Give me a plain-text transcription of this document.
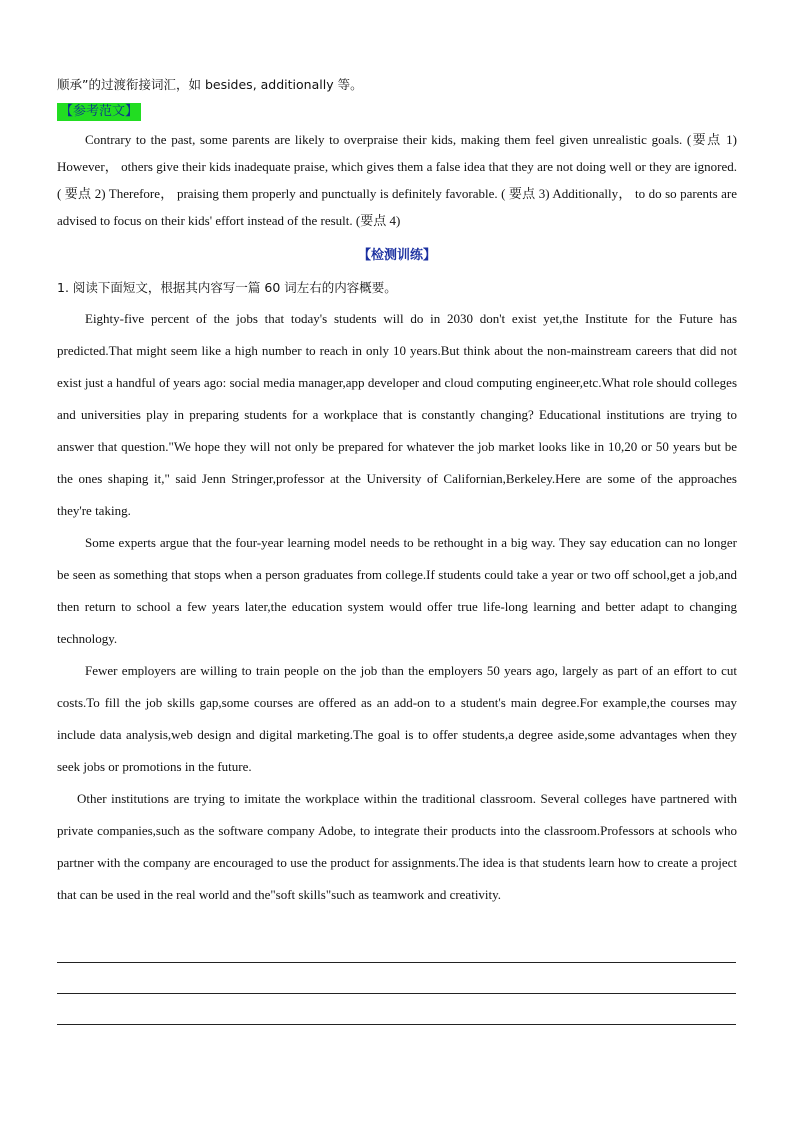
顺承”的过渡衔接词汇，如 besides, additionally 等。

【参考范文】

Contrary to the past, some parents are likely to overpraise their kids, making them feel given unrealistic goals. (要点 1) However， others give their kids inadequate praise, which gives them a false idea that they are not doing well or they are ignored. ( 要点 2) Therefore， praising them properly and punctually is definitely favorable. ( 要点 3) Additionally， to do so parents are advised to focus on their kids' effort instead of the result. (要点 4)

【检测训练】

1. 阅读下面短文，根据其内容写一篇 60 词左右的内容概要。

Eighty-five percent of the jobs that today's students will do in 2030 don't exist yet,the Institute for the Future has predicted.That might seem like a high number to reach in only 10 years.But think about the non-mainstream careers that did not exist just a handful of years ago: social media manager,app developer and cloud computing engineer,etc.What role should colleges and universities play in preparing students for a workplace that is constantly changing? Educational institutions are trying to answer that question."We hope they will not only be prepared for whatever the job market looks like in 10,20 or 50 years but be the ones shaping it," said Jenn Stringer,professor at the University of Californian,Berkeley.Here are some of the approaches they're taking.

Some experts argue that the four-year learning model needs to be rethought in a big way. They say education can no longer be seen as something that stops when a person graduates from college.If students could take a year or two off school,get a job,and then return to school a few years later,the education system would offer true life-long learning and better adapt to changing technology.

Fewer employers are willing to train people on the job than the employers 50 years ago, largely as part of an effort to cut costs.To fill the job skills gap,some courses are offered as an add-on to a student's main degree.For example,the courses may include data analysis,web design and digital marketing.The goal is to offer students,a degree aside,some advantages when they seek jobs or promotions in the future.

Other institutions are trying to imitate the workplace within the traditional classroom. Several colleges have partnered with private companies,such as the software company Adobe, to integrate their products into the classroom.Professors at schools who partner with the company are encouraged to use the product for assignments.The idea is that students learn how to create a project that can be used in the real world and the"soft skills"such as teamwork and creativity.
